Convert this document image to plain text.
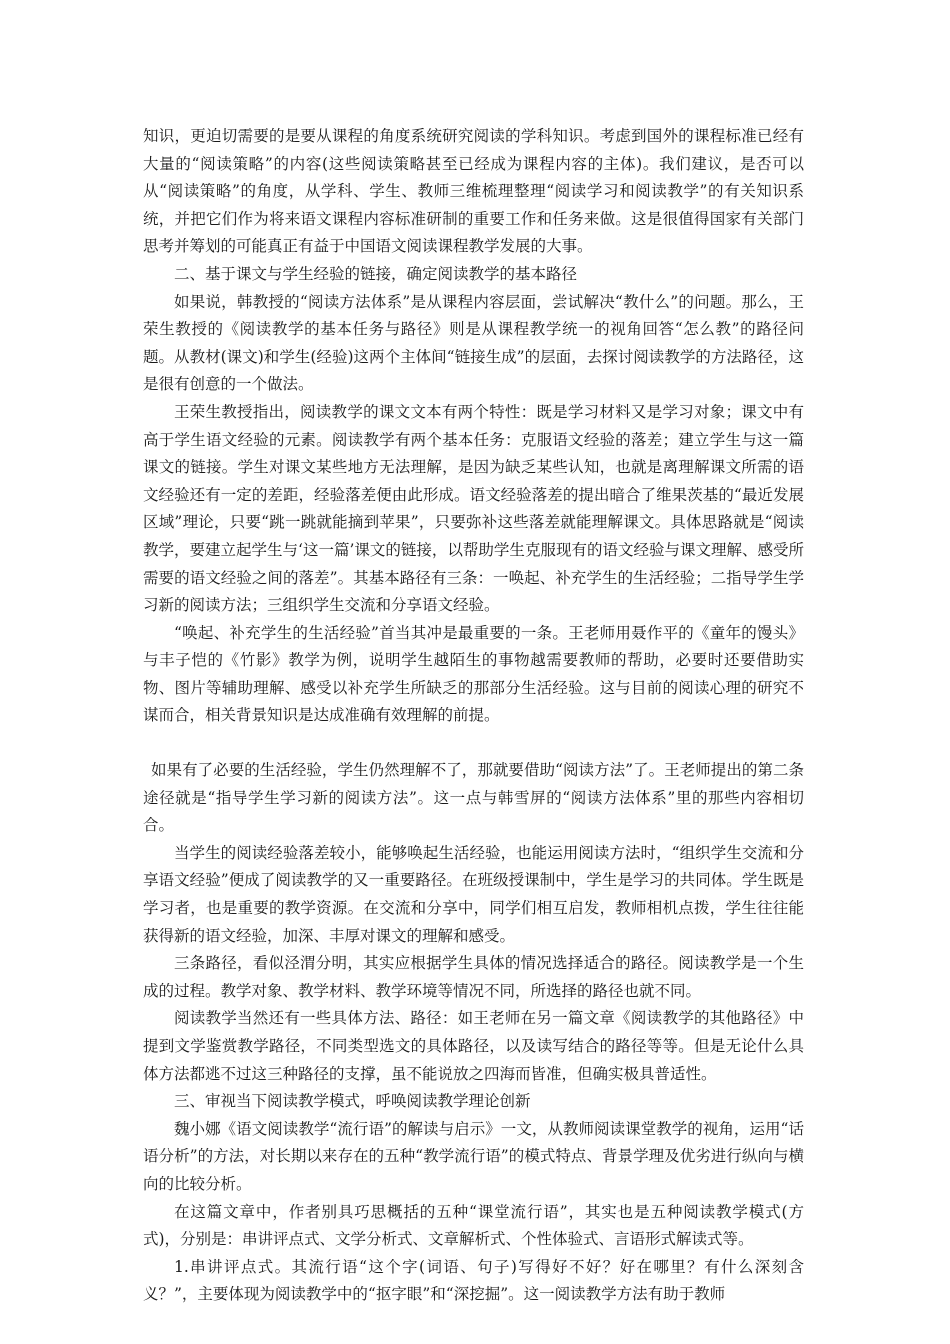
知识，更迫切需要的是要从课程的角度系统研究阅读的学科知识。考虑到国外的课程标准已经有大量的“阅读策略”的内容(这些阅读策略甚至已经成为课程内容的主体)。我们建议，是否可以从“阅读策略”的角度，从学科、学生、教师三维梳理整理“阅读学习和阅读教学”的有关知识系统，并把它们作为将来语文课程内容标准研制的重要工作和任务来做。这是很值得国家有关部门思考并筹划的可能真正有益于中国语文阅读课程教学发展的大事。

二、基于课文与学生经验的链接，确定阅读教学的基本路径

如果说，韩教授的“阅读方法体系”是从课程内容层面，尝试解决“教什么”的问题。那么，王荣生教授的《阅读教学的基本任务与路径》则是从课程教学统一的视角回答“怎么教”的路径问题。从教材(课文)和学生(经验)这两个主体间“链接生成”的层面，去探讨阅读教学的方法路径，这是很有创意的一个做法。

王荣生教授指出，阅读教学的课文文本有两个特性：既是学习材料又是学习对象；课文中有高于学生语文经验的元素。阅读教学有两个基本任务：克服语文经验的落差；建立学生与这一篇课文的链接。学生对课文某些地方无法理解，是因为缺乏某些认知，也就是离理解课文所需的语文经验还有一定的差距，经验落差便由此形成。语文经验落差的提出暗合了维果茨基的“最近发展区域”理论，只要“跳一跳就能摘到苹果”，只要弥补这些落差就能理解课文。具体思路就是“阅读教学，要建立起学生与‘这一篇’课文的链接，以帮助学生克服现有的语文经验与课文理解、感受所需要的语文经验之间的落差”。其基本路径有三条：一唤起、补充学生的生活经验；二指导学生学习新的阅读方法；三组织学生交流和分享语文经验。

“唤起、补充学生的生活经验”首当其冲是最重要的一条。王老师用聂作平的《童年的馒头》与丰子恺的《竹影》教学为例，说明学生越陌生的事物越需要教师的帮助，必要时还要借助实物、图片等辅助理解、感受以补充学生所缺乏的那部分生活经验。这与目前的阅读心理的研究不谋而合，相关背景知识是达成准确有效理解的前提。

如果有了必要的生活经验，学生仍然理解不了，那就要借助“阅读方法”了。王老师提出的第二条途径就是“指导学生学习新的阅读方法”。这一点与韩雪屏的“阅读方法体系”里的那些内容相切合。

当学生的阅读经验落差较小，能够唤起生活经验，也能运用阅读方法时，“组织学生交流和分享语文经验”便成了阅读教学的又一重要路径。在班级授课制中，学生是学习的共同体。学生既是学习者，也是重要的教学资源。在交流和分享中，同学们相互启发，教师相机点拨，学生往往能获得新的语文经验，加深、丰厚对课文的理解和感受。

三条路径，看似泾渭分明，其实应根据学生具体的情况选择适合的路径。阅读教学是一个生成的过程。教学对象、教学材料、教学环境等情况不同，所选择的路径也就不同。

阅读教学当然还有一些具体方法、路径：如王老师在另一篇文章《阅读教学的其他路径》中提到文学鉴赏教学路径，不同类型选文的具体路径，以及读写结合的路径等等。但是无论什么具体方法都逃不过这三种路径的支撑，虽不能说放之四海而皆准，但确实极具普适性。

三、审视当下阅读教学模式，呼唤阅读教学理论创新

魏小娜《语文阅读教学“流行语”的解读与启示》一文，从教师阅读课堂教学的视角，运用“话语分析”的方法，对长期以来存在的五种“教学流行语”的模式特点、背景学理及优劣进行纵向与横向的比较分析。

在这篇文章中，作者别具巧思概括的五种“课堂流行语”，其实也是五种阅读教学模式(方式)，分别是：串讲评点式、文学分析式、文章解析式、个性体验式、言语形式解读式等。

1.串讲评点式。其流行语“这个字(词语、句子)写得好不好？好在哪里？有什么深刻含义？”，主要体现为阅读教学中的“抠字眼”和“深挖掘”。这一阅读教学方法有助于教师
